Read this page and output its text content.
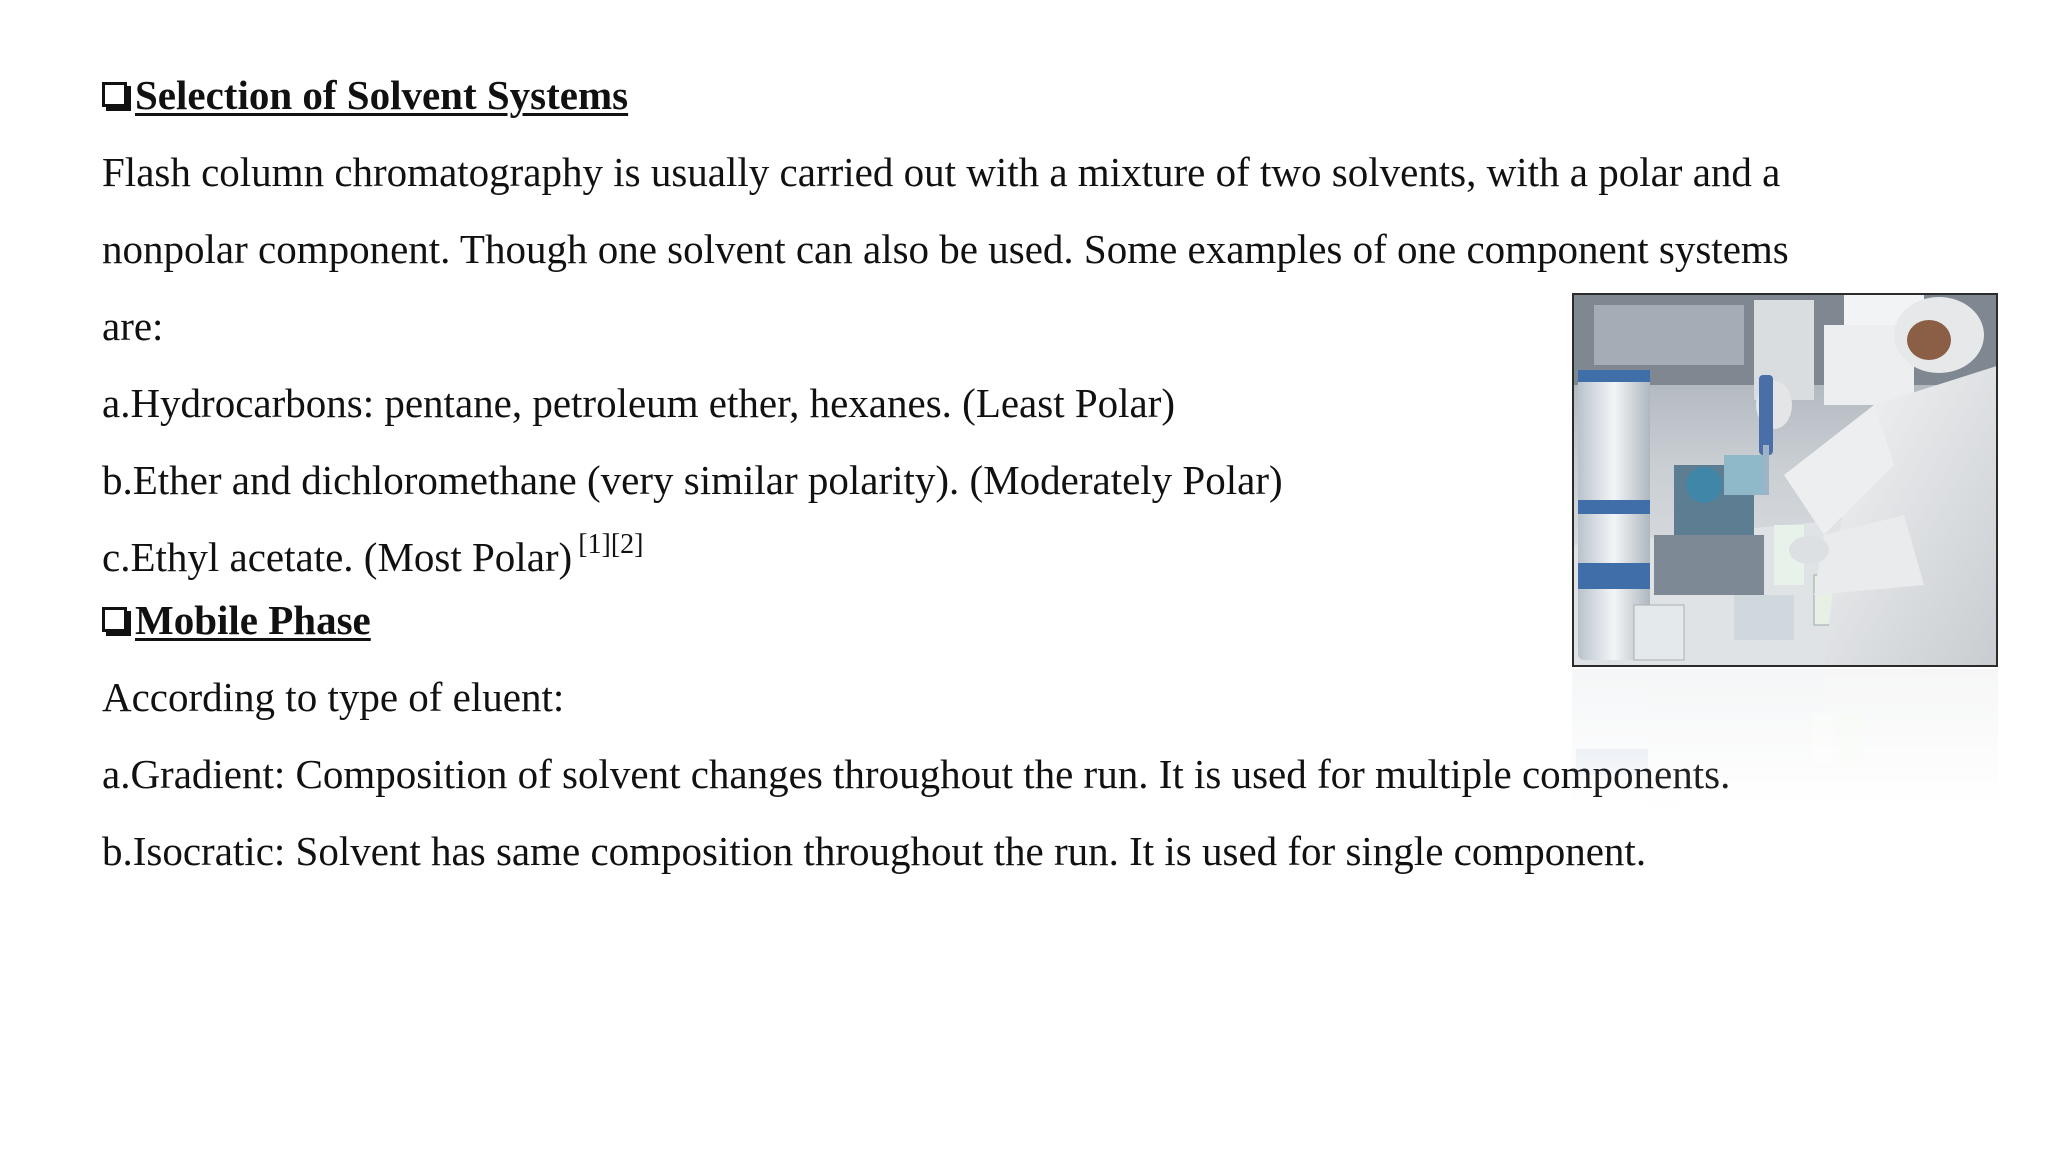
Selection of Solvent Systems
Flash column chromatography is usually carried out with a mixture of two solvents, with a polar and a
nonpolar component. Though one solvent can also be used. Some examples of one component systems
are:
a.Hydrocarbons: pentane, petroleum ether, hexanes. (Least Polar)
b.Ether and dichloromethane (very similar polarity). (Moderately Polar)
c.Ethyl acetate. (Most Polar) [1][2]
Mobile Phase
According to type of eluent:
a.Gradient: Composition of solvent changes throughout the run. It is used for multiple components.
b.Isocratic: Solvent has same composition throughout the run. It is used for single component.
